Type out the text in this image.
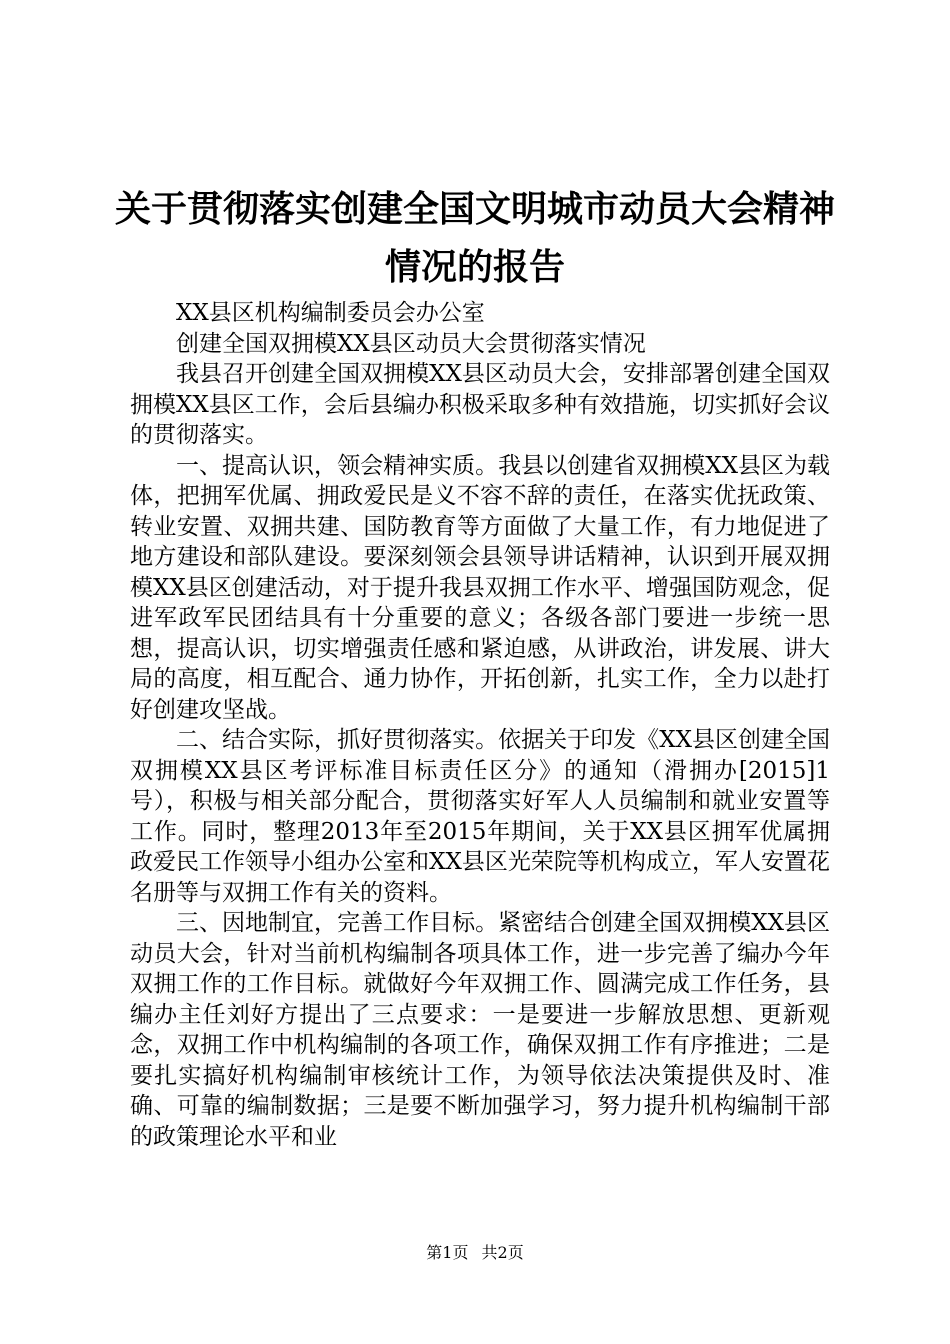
关于贯彻落实创建全国文明城市动员大会精神
情况的报告

XX县区机构编制委员会办公室

创建全国双拥模XX县区动员大会贯彻落实情况

我县召开创建全国双拥模XX县区动员大会，安排部署创建全国双拥模XX县区工作，会后县编办积极采取多种有效措施，切实抓好会议的贯彻落实。

一、提高认识，领会精神实质。我县以创建省双拥模XX县区为载体，把拥军优属、拥政爱民是义不容不辞的责任，在落实优抚政策、转业安置、双拥共建、国防教育等方面做了大量工作，有力地促进了地方建设和部队建设。要深刻领会县领导讲话精神，认识到开展双拥模XX县区创建活动，对于提升我县双拥工作水平、增强国防观念，促进军政军民团结具有十分重要的意义；各级各部门要进一步统一思想，提高认识，切实增强责任感和紧迫感，从讲政治，讲发展、讲大局的高度，相互配合、通力协作，开拓创新，扎实工作，全力以赴打好创建攻坚战。

二、结合实际，抓好贯彻落实。依据关于印发《XX县区创建全国双拥模XX县区考评标准目标责任区分》的通知（滑拥办[2015]1号），积极与相关部分配合，贯彻落实好军人人员编制和就业安置等工作。同时，整理2013年至2015年期间，关于XX县区拥军优属拥政爱民工作领导小组办公室和XX县区光荣院等机构成立，军人安置花名册等与双拥工作有关的资料。

三、因地制宜，完善工作目标。紧密结合创建全国双拥模XX县区动员大会，针对当前机构编制各项具体工作，进一步完善了编办今年双拥工作的工作目标。就做好今年双拥工作、圆满完成工作任务，县编办主任刘好方提出了三点要求：一是要进一步解放思想、更新观念，双拥工作中机构编制的各项工作，确保双拥工作有序推进；二是要扎实搞好机构编制审核统计工作，为领导依法决策提供及时、准确、可靠的编制数据；三是要不断加强学习，努力提升机构编制干部的政策理论水平和业

第1页 共2页
